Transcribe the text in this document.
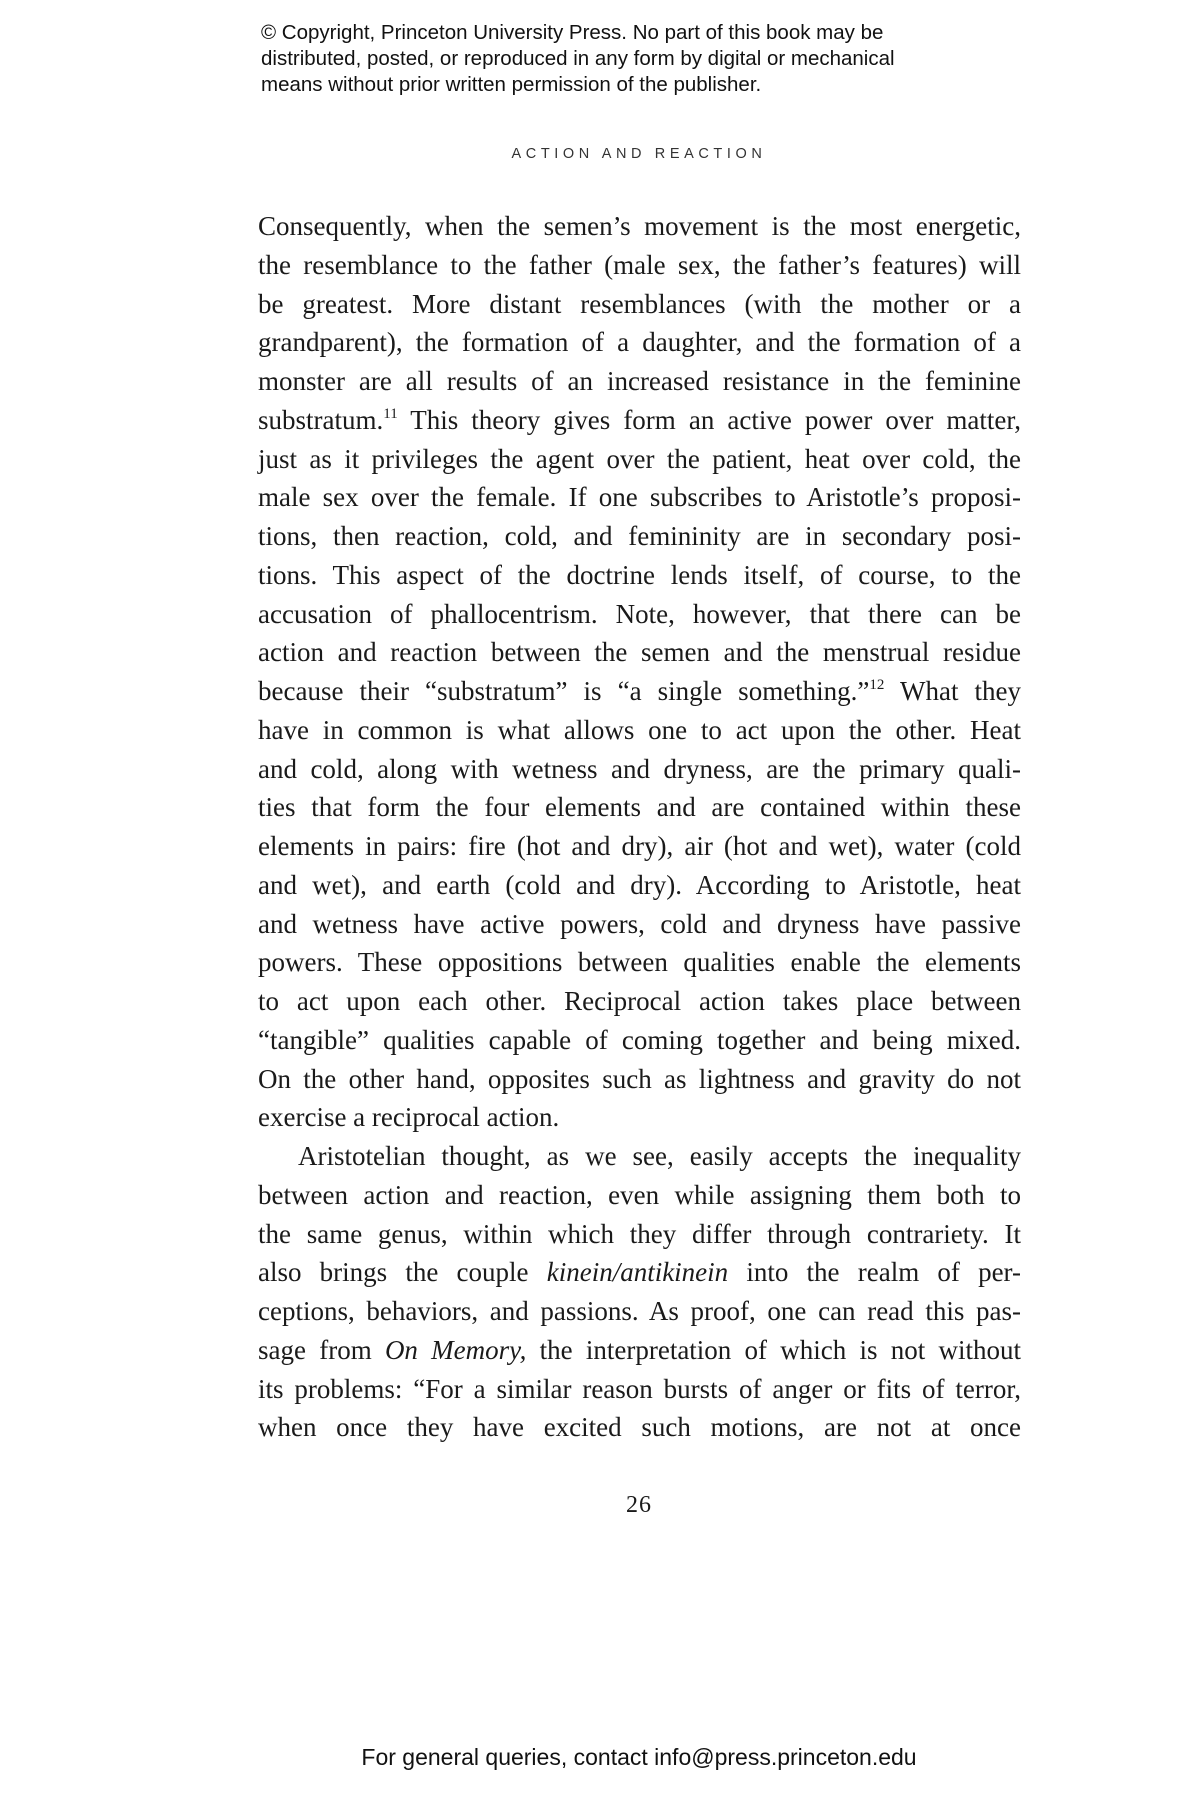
© Copyright, Princeton University Press. No part of this book may be
distributed, posted, or reproduced in any form by digital or mechanical
means without prior written permission of the publisher.
ACTION AND REACTION
Consequently, when the semen’s movement is the most energetic,
the resemblance to the father (male sex, the father’s features) will
be greatest. More distant resemblances (with the mother or a
grandparent), the formation of a daughter, and the formation of a
monster are all results of an increased resistance in the feminine
substratum.$^{11}$ This theory gives form an active power over matter,
just as it privileges the agent over the patient, heat over cold, the
male sex over the female. If one subscribes to Aristotle’s proposi-
tions, then reaction, cold, and femininity are in secondary posi-
tions. This aspect of the doctrine lends itself, of course, to the
accusation of phallocentrism. Note, however, that there can be
action and reaction between the semen and the menstrual residue
because their “substratum” is “a single something.”$^{12}$ What they
have in common is what allows one to act upon the other. Heat
and cold, along with wetness and dryness, are the primary quali-
ties that form the four elements and are contained within these
elements in pairs: fire (hot and dry), air (hot and wet), water (cold
and wet), and earth (cold and dry). According to Aristotle, heat
and wetness have active powers, cold and dryness have passive
powers. These oppositions between qualities enable the elements
to act upon each other. Reciprocal action takes place between
“tangible” qualities capable of coming together and being mixed.
On the other hand, opposites such as lightness and gravity do not
exercise a reciprocal action.
Aristotelian thought, as we see, easily accepts the inequality
between action and reaction, even while assigning them both to
the same genus, within which they differ through contrariety. It
also brings the couple kinein/antikinein into the realm of per-
ceptions, behaviors, and passions. As proof, one can read this pas-
sage from On Memory, the interpretation of which is not without
its problems: “For a similar reason bursts of anger or fits of terror,
when once they have excited such motions, are not at once
26
For general queries, contact info@press.princeton.edu
